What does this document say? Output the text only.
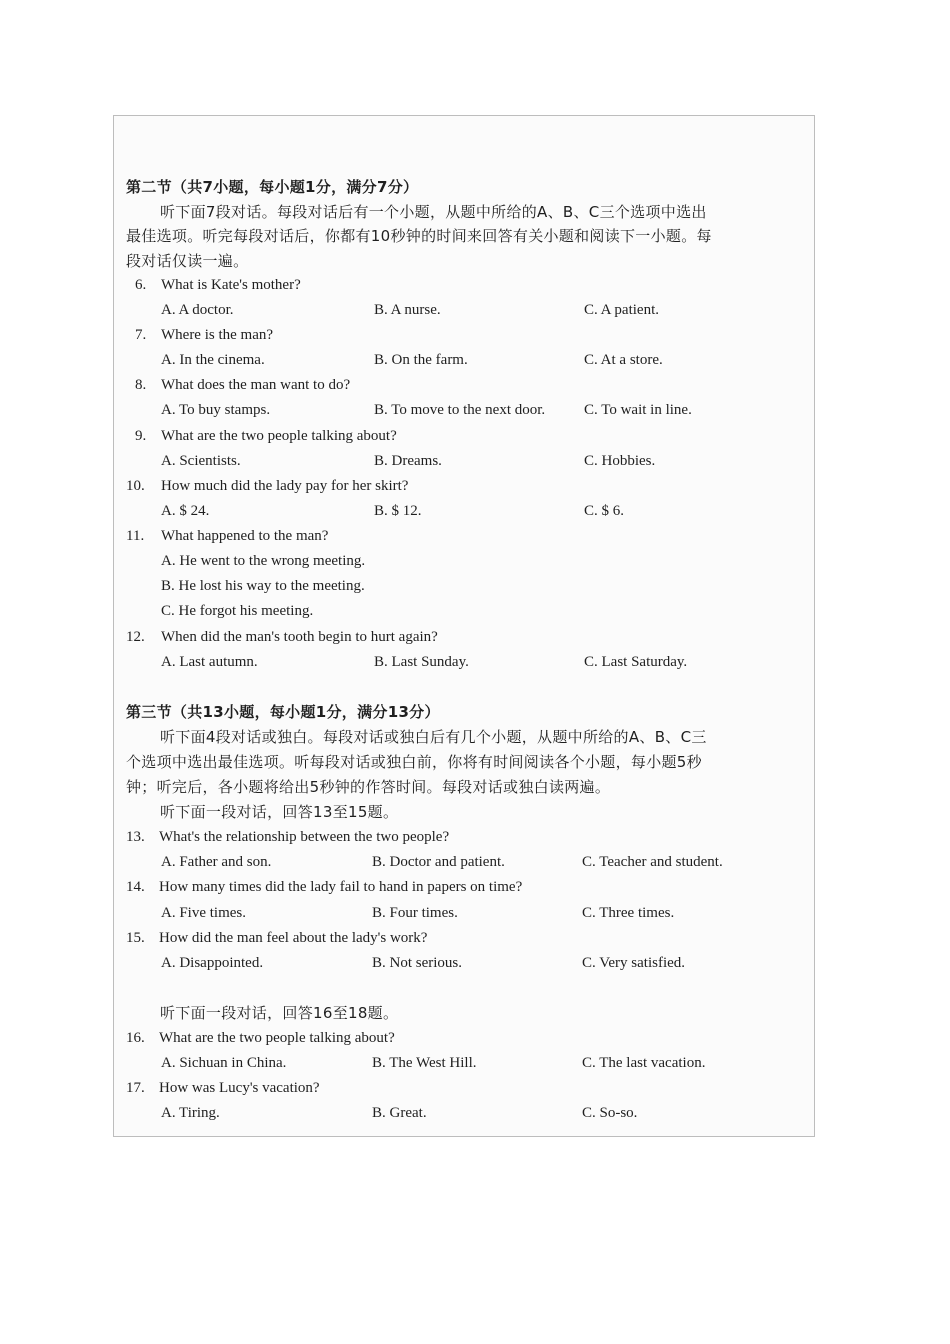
第二节（共7小题，每小题1分，满分7分）
听下面7段对话。每段对话后有一个小题，从题中所给的A、B、C三个选项中选出
最佳选项。听完每段对话后，你都有10秒钟的时间来回答有关小题和阅读下一小题。每
段对话仅读一遍。
6. What is Kate's mother?
A. A doctor.	B. A nurse.	C. A patient.
7. Where is the man?
A. In the cinema.	B. On the farm.	C. At a store.
8. What does the man want to do?
A. To buy stamps.	B. To move to the next door.	C. To wait in line.
9. What are the two people talking about?
A. Scientists.	B. Dreams.	C. Hobbies.
10. How much did the lady pay for her skirt?
A. $ 24.	B. $ 12.	C. $ 6.
11. What happened to the man?
A. He went to the wrong meeting.
B. He lost his way to the meeting.
C. He forgot his meeting.
12. When did the man's tooth begin to hurt again?
A. Last autumn.	B. Last Sunday.	C. Last Saturday.
第三节（共13小题，每小题1分，满分13分）
听下面4段对话或独白。每段对话或独白后有几个小题，从题中所给的A、B、C三
个选项中选出最佳选项。听每段对话或独白前，你将有时间阅读各个小题，每小题5秒
钟；听完后，各小题将给出5秒钟的作答时间。每段对话或独白读两遍。
听下面一段对话，回答13至15题。
13. What's the relationship between the two people?
A. Father and son.	B. Doctor and patient.	C. Teacher and student.
14. How many times did the lady fail to hand in papers on time?
A. Five times.	B. Four times.	C. Three times.
15. How did the man feel about the lady's work?
A. Disappointed.	B. Not serious.	C. Very satisfied.
听下面一段对话，回答16至18题。
16. What are the two people talking about?
A. Sichuan in China.	B. The West Hill.	C. The last vacation.
17. How was Lucy's vacation?
A. Tiring.	B. Great.	C. So-so.
